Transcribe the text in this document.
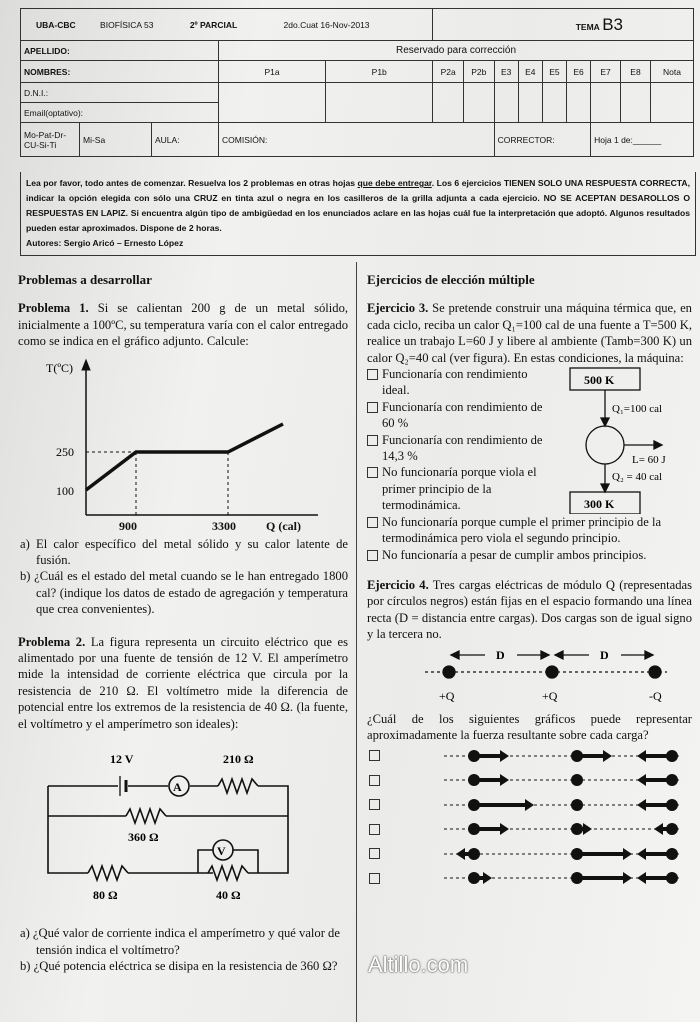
UBA-CBC BIOFÍSICA 53 2º PARCIAL 2do.Cuat 16-Nov-2013					TEMA B3								
APELLIDO:			Reservado para corrección										
NOMBRES:			P1a	P1b	P2a	P2b	E3	E4	E5	E6	E7	E8	Nota
D.N.I.:													
Email(optativo):													
Mo-Pat-Dr-CU-Si-Ti	Mi-Sa	AULA:	COMISIÓN:				CORRECTOR:				Hoja 1 de:______		
Lea por favor, todo antes de comenzar. Resuelva los 2 problemas en otras hojas que debe entregar. Los 6 ejercicios TIENEN SOLO UNA RESPUESTA CORRECTA, indicar la opción elegida con sólo una CRUZ en tinta azul o negra en los casilleros de la grilla adjunta a cada ejercicio. NO SE ACEPTAN DESAROLLOS O RESPUESTAS EN LAPIZ. Si encuentra algún tipo de ambigüedad en los enunciados aclare en las hojas cuál fue la interpretación que adoptó. Algunos resultados pueden estar aproximados. Dispone de 2 horas.
Autores: Sergio Aricó – Ernesto López
Problemas a desarrollar
Problema 1. Si se calientan 200 g de un metal sólido, inicialmente a 100ºC, su temperatura varía con el calor entregado como se indica en el gráfico adjunto. Calcule:
T(ºC)
250
100
900	3300	Q (cal)
a) El calor específico del metal sólido y su calor latente de fusión.
b) ¿Cuál es el estado del metal cuando se le han entregado 1800 cal? (indique los datos de estado de agregación y temperatura que crea convenientes).
Problema 2. La figura representa un circuito eléctrico que es alimentado por una fuente de tensión de 12 V. El amperímetro mide la intensidad de corriente eléctrica que circula por la resistencia de 210 Ω. El voltímetro mide la diferencia de potencial entre los extremos de la resistencia de 40 Ω. (la fuente, el voltímetro y el amperímetro son ideales):
12 V	210 Ω
A
V
360 Ω
80 Ω	40 Ω
a) ¿Qué valor de corriente indica el amperímetro y qué valor de tensión indica el voltímetro?
b) ¿Qué potencia eléctrica se disipa en la resistencia de 360 Ω?
Ejercicios de elección múltiple
Ejercicio 3. Se pretende construir una máquina térmica que, en cada ciclo, reciba un calor Q₁=100 cal de una fuente a T=500 K, realice un trabajo L=60 J y libere al ambiente (Tamb=300 K) un calor Q₂=40 cal (ver figura). En estas condiciones, la máquina:
Funcionaría con rendimiento ideal.
Funcionaría con rendimiento de 60 %
Funcionaría con rendimiento de 14,3 %
No funcionaría porque viola el primer principio de la termodinámica.
500 K
300 K
Q₁=100 cal
L= 60 J
Q₂ = 40 cal
No funcionaría porque cumple el primer principio de la termodinámica pero viola el segundo principio.
No funcionaría a pesar de cumplir ambos principios.
Ejercicio 4. Tres cargas eléctricas de módulo Q (representadas por círculos negros) están fijas en el espacio formando una línea recta (D = distancia entre cargas). Dos cargas son de igual signo y la tercera no.
D	D
+Q	+Q	-Q
¿Cuál de los siguientes gráficos puede representar aproximadamente la fuerza resultante sobre cada carga?
Altillo.com
